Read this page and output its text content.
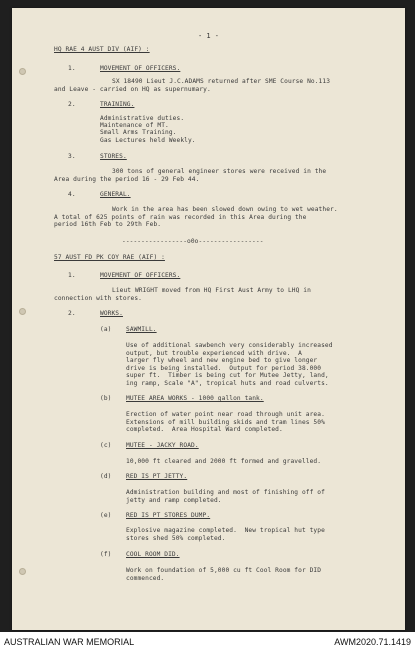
- 1 -
HQ RAE 4 AUST DIV (AIF) :
1.	MOVEMENT OF OFFICERS.
SX 18490 Lieut J.C.ADAMS returned after SME Course No.113
and Leave - carried on HQ as supernumary.
2.	TRAINING.
Administrative duties.
Maintenance of MT.
Small Arms Training.
Gas Lectures held Weekly.
3.	STORES.
300 tons of general engineer stores were received in the
Area during the period 16 - 29 Feb 44.
4.	GENERAL.
Work in the area has been slowed down owing to wet weather.
A total of 625 points of rain was recorded in this Area during the
period 16th Feb to 29th Feb.
-----------------o0o-----------------
57 AUST FD PK COY RAE (AIF) :
1.	MOVEMENT OF OFFICERS.
Lieut WRIGHT moved from HQ First Aust Army to LHQ in
connection with stores.
2.	WORKS.
(a) SAWMILL.
Use of additional sawbench very considerably increased
output, but trouble experienced with drive.  A
larger fly wheel and new engine bed to give longer
drive is being installed.  Output for period 38.000
super ft.  Timber is being cut for Mutee Jetty, land,
ing ramp, Scale "A", tropical huts and road culverts.
(b) MUTEE AREA WORKS - 1000 gallon tank.
Erection of water point near road through unit area.
Extensions of mill building skids and tram lines 50%
completed.  Area Hospital Ward completed.
(c) MUTEE - JACKY ROAD.
10,000 ft cleared and 2000 ft formed and gravelled.
(d) RED IS PT JETTY.
Administration building and most of finishing off of
jetty and ramp completed.
(e) RED IS PT STORES DUMP.
Explosive magazine completed.  New tropical hut type
stores shed 50% completed.
(f) COOL ROOM DID.
Work on foundation of 5,000 cu ft Cool Room for DID
commenced.
AUSTRALIAN WAR MEMORIAL	AWM2020.71.1419
